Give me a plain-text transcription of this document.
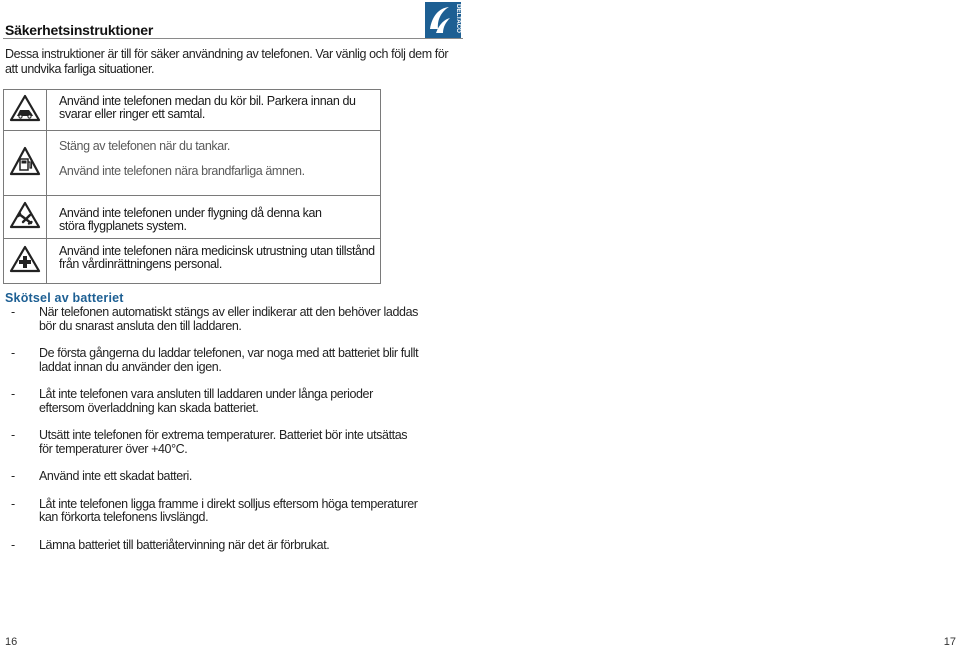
Säkerhetsinstruktioner	DELTACO
Dessa instruktioner är till för säker användning av telefonen. Var vänlig och följ dem för att undvika farliga situationer.

Använd inte telefonen medan du kör bil. Parkera innan du svarar eller ringer ett samtal.

Stäng av telefonen när du tankar.

Använd inte telefonen nära brandfarliga ämnen.

Använd inte telefonen under flygning då denna kan störa flygplanets system.

Använd inte telefonen nära medicinsk utrustning utan tillstånd från vårdinrättningens personal.

Skötsel av batteriet
-	När telefonen automatiskt stängs av eller indikerar att den behöver laddas bör du snarast ansluta den till laddaren.
-	De första gångerna du laddar telefonen, var noga med att batteriet blir fullt laddat innan du använder den igen.
-	Låt inte telefonen vara ansluten till laddaren under långa perioder eftersom överladdning kan skada batteriet.
-	Utsätt inte telefonen för extrema temperaturer. Batteriet bör inte utsättas för temperaturer över +40°C.
-	Använd inte ett skadat batteri.
-	Låt inte telefonen ligga framme i direkt solljus eftersom höga temperaturer kan förkorta telefonens livslängd.
-	Lämna batteriet till batteriåtervinning när det är förbrukat.
16	17
